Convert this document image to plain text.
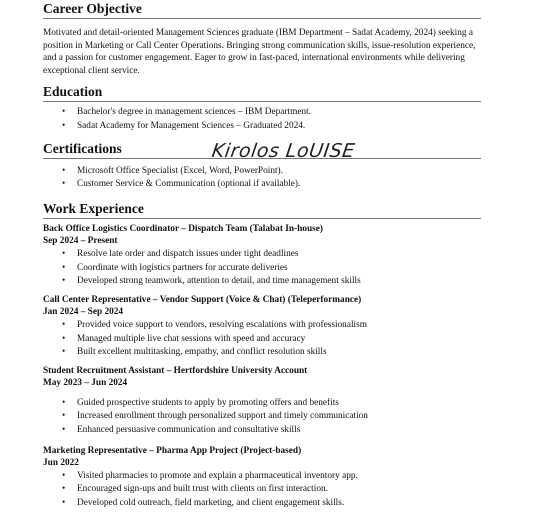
Career Objective

Motivated and detail-oriented Management Sciences graduate (IBM Department – Sadat Academy, 2024) seeking a position in Marketing or Call Center Operations. Bringing strong communication skills, issue-resolution experience, and a passion for customer engagement. Eager to grow in fast-paced, international environments while delivering exceptional client service.

Education
• Bachelor's degree in management sciences – IBM Department.
• Sadat Academy for Management Sciences – Graduated 2024.
Certifications
• Microsoft Office Specialist (Excel, Word, PowerPoint).
• Customer Service & Communication (optional if available).
Work Experience
Back Office Logistics Coordinator – Dispatch Team (Talabat In-house)
Sep 2024 – Present
• Resolve late order and dispatch issues under tight deadlines
• Coordinate with logistics partners for accurate deliveries
• Developed strong teamwork, attention to detail, and time management skills
Call Center Representative – Vendor Support (Voice & Chat) (Teleperformance)
Jan 2024 – Sep 2024
• Provided voice support to vendors, resolving escalations with professionalism
• Managed multiple live chat sessions with speed and accuracy
• Built excellent multitasking, empathy, and conflict resolution skills
Student Recruitment Assistant – Hertfordshire University Account
May 2023 – Jun 2024
• Guided prospective students to apply by promoting offers and benefits
• Increased enrollment through personalized support and timely communication
• Enhanced persuasive communication and consultative skills
Marketing Representative – Pharma App Project (Project-based)
Jun 2022
• Visited pharmacies to promote and explain a pharmaceutical inventory app.
• Encouraged sign-ups and built trust with clients on first interaction.
• Developed cold outreach, field marketing, and client engagement skills.
Kirolos LoUISE
